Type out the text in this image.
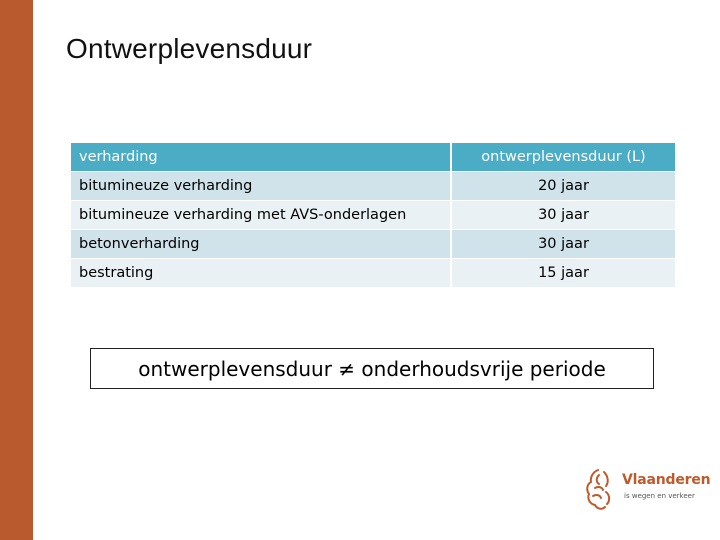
Ontwerplevensduur
verharding	ontwerplevensduur (L)
bitumineuze verharding	20 jaar
bitumineuze verharding met AVS-onderlagen	30 jaar
betonverharding	30 jaar
bestrating	15 jaar
ontwerplevensduur ≠ onderhoudsvrije periode
Vlaanderen
is wegen en verkeer
